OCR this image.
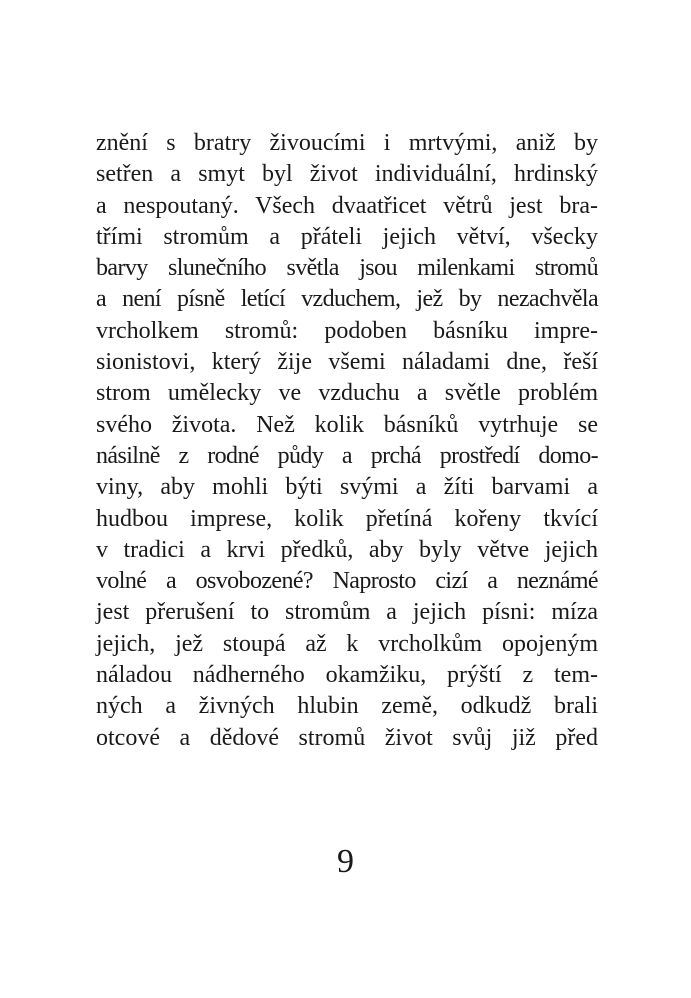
znění s bratry živoucími i mrtvými, aniž by
setřen a smyt byl život individuální, hrdinský
a nespoutaný. Všech dvaatřicet větrů jest bra-
třími stromům a přáteli jejich větví, všecky
barvy slunečního světla jsou milenkami stromů
a není písně letící vzduchem, jež by nezachvěla
vrcholkem stromů: podoben básníku impre-
sionistovi, který žije všemi náladami dne, řeší
strom umělecky ve vzduchu a světle problém
svého života. Než kolik básníků vytrhuje se
násilně z rodné půdy a prchá prostředí domo-
viny, aby mohli býti svými a žíti barvami a
hudbou imprese, kolik přetíná kořeny tkvící
v tradici a krvi předků, aby byly větve jejich
volné a osvobozené? Naprosto cizí a neznámé
jest přerušení to stromům a jejich písni: míza
jejich, jež stoupá až k vrcholkům opojeným
náladou nádherného okamžiku, prýští z tem-
ných a živných hlubin země, odkudž brali
otcové a dědové stromů život svůj již před
9
